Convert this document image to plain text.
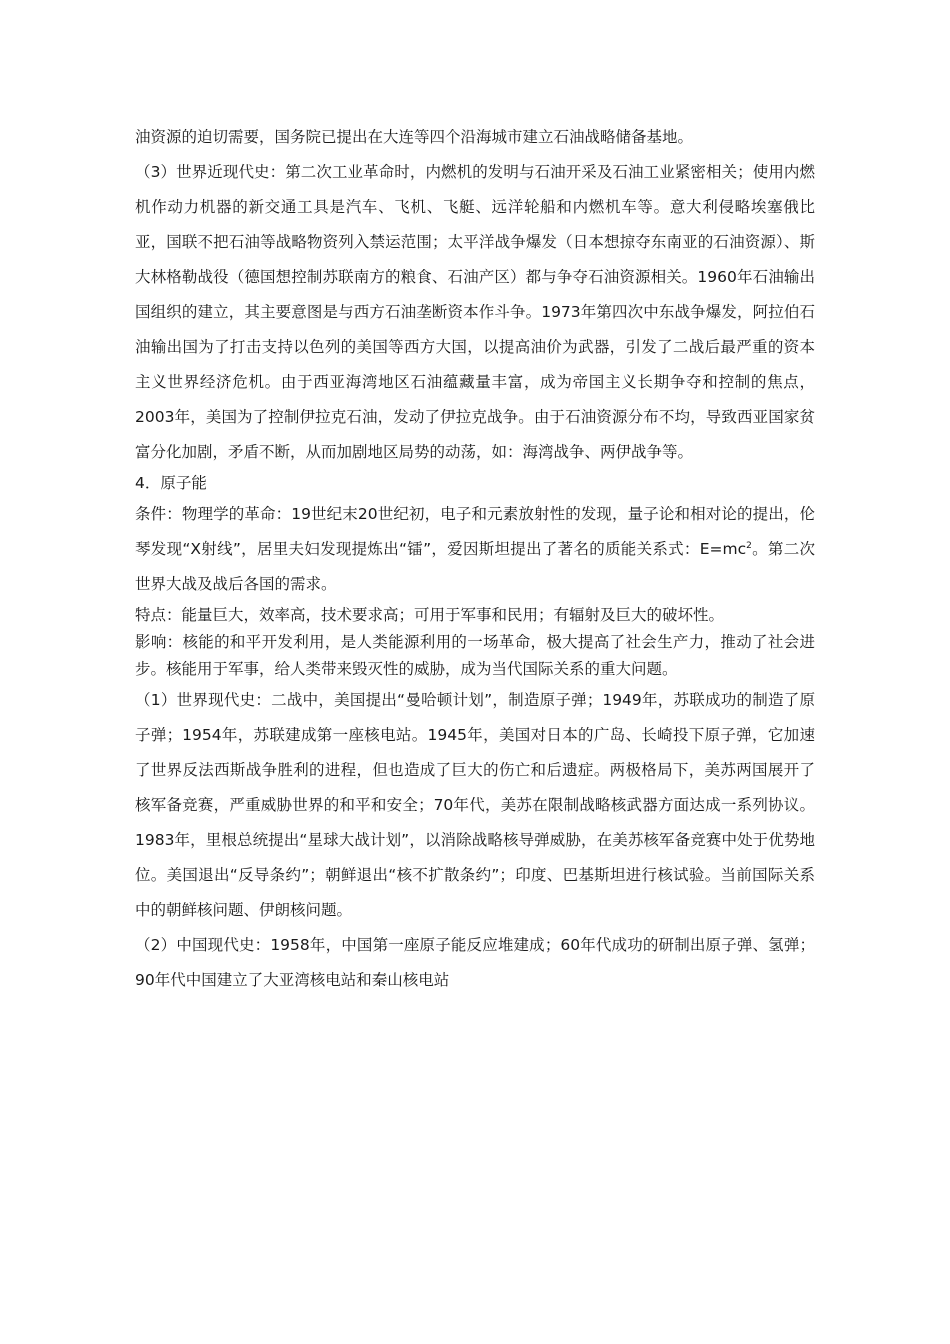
油资源的迫切需要，国务院已提出在大连等四个沿海城市建立石油战略储备基地。

（3）世界近现代史：第二次工业革命时，内燃机的发明与石油开采及石油工业紧密相关；使用内燃机作动力机器的新交通工具是汽车、飞机、飞艇、远洋轮船和内燃机车等。意大利侵略埃塞俄比亚，国联不把石油等战略物资列入禁运范围；太平洋战争爆发（日本想掠夺东南亚的石油资源）、斯大林格勒战役（德国想控制苏联南方的粮食、石油产区）都与争夺石油资源相关。1960年石油输出国组织的建立，其主要意图是与西方石油垄断资本作斗争。1973年第四次中东战争爆发，阿拉伯石油输出国为了打击支持以色列的美国等西方大国，以提高油价为武器，引发了二战后最严重的资本主义世界经济危机。由于西亚海湾地区石油蕴藏量丰富，成为帝国主义长期争夺和控制的焦点，2003年，美国为了控制伊拉克石油，发动了伊拉克战争。由于石油资源分布不均，导致西亚国家贫富分化加剧，矛盾不断，从而加剧地区局势的动荡，如：海湾战争、两伊战争等。

4．原子能

条件：物理学的革命：19世纪末20世纪初，电子和元素放射性的发现，量子论和相对论的提出，伦琴发现“X射线”，居里夫妇发现提炼出“镭”，爱因斯坦提出了著名的质能关系式：$E=mc^2$。第二次世界大战及战后各国的需求。

特点：能量巨大，效率高，技术要求高；可用于军事和民用；有辐射及巨大的破坏性。

影响：核能的和平开发利用，是人类能源利用的一场革命，极大提高了社会生产力，推动了社会进步。核能用于军事，给人类带来毁灭性的威胁，成为当代国际关系的重大问题。

（1）世界现代史：二战中，美国提出“曼哈顿计划”，制造原子弹；1949年，苏联成功的制造了原子弹；1954年，苏联建成第一座核电站。1945年，美国对日本的广岛、长崎投下原子弹，它加速了世界反法西斯战争胜利的进程，但也造成了巨大的伤亡和后遗症。两极格局下，美苏两国展开了核军备竞赛，严重威胁世界的和平和安全；70年代，美苏在限制战略核武器方面达成一系列协议。1983年，里根总统提出“星球大战计划”，以消除战略核导弹威胁，在美苏核军备竞赛中处于优势地位。美国退出“反导条约”；朝鲜退出“核不扩散条约”；印度、巴基斯坦进行核试验。当前国际关系中的朝鲜核问题、伊朗核问题。

（2）中国现代史：1958年，中国第一座原子能反应堆建成；60年代成功的研制出原子弹、氢弹；90年代中国建立了大亚湾核电站和秦山核电站
